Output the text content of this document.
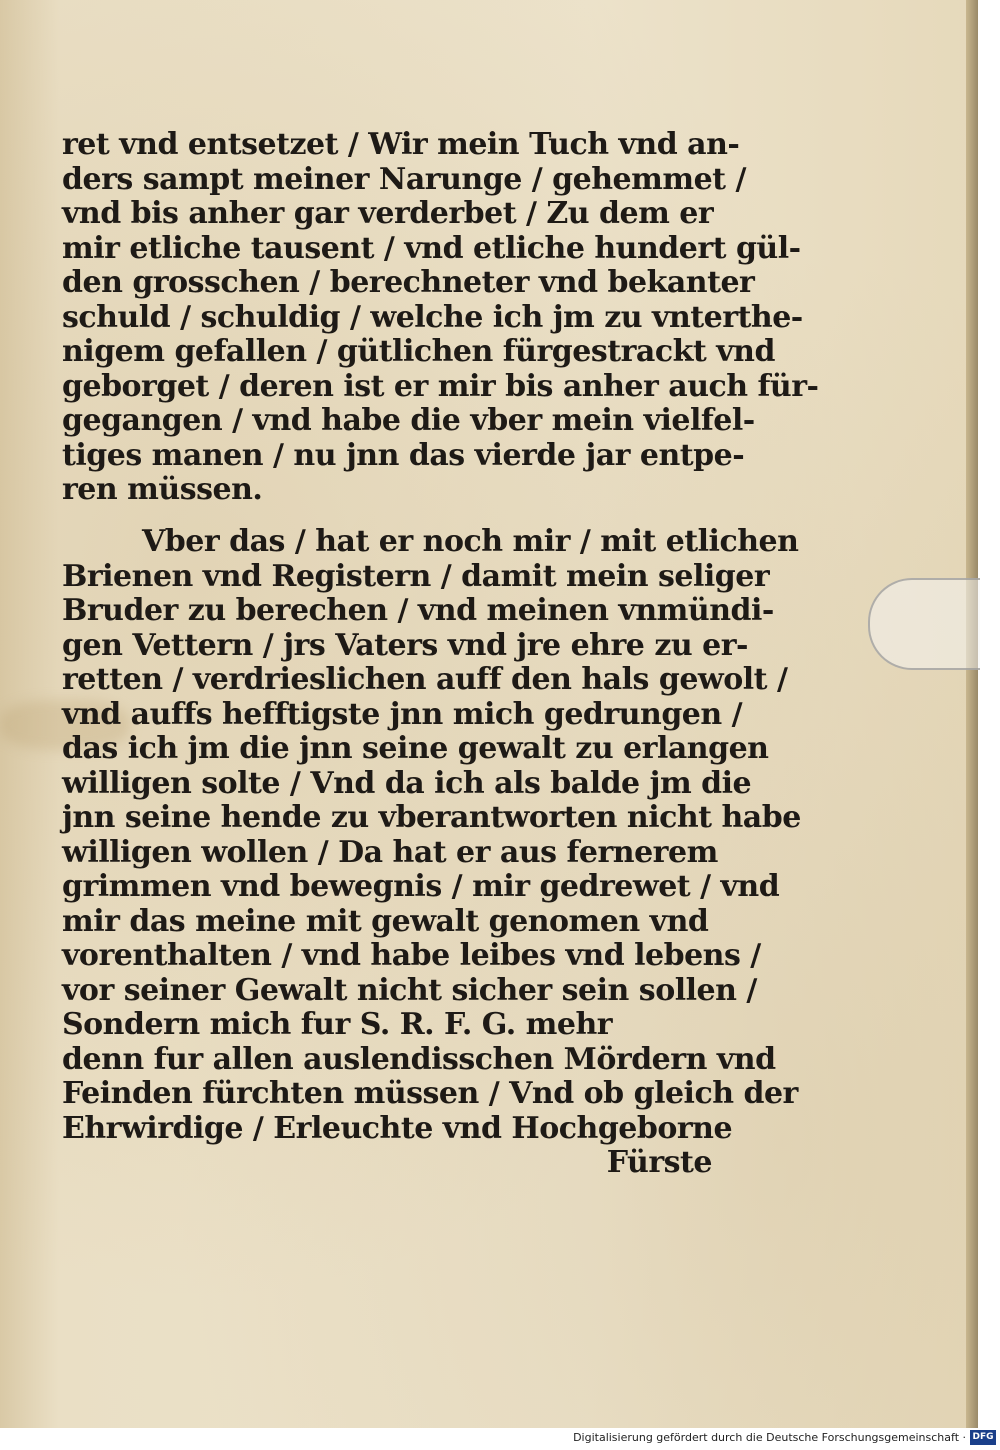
ret vnd entsetzet / Wir mein Tuch vnd an-
ders sampt meiner Narunge / gehemmet /
vnd bis anher gar verderbet / Zu dem er
mir etliche tausent / vnd etliche hundert gül-
den grosschen / berechneter vnd bekanter
schuld / schuldig / welche ich jm zu vnterthe-
nigem gefallen / gütlichen fürgestrackt vnd
geborget / deren ist er mir bis anher auch für-
gegangen / vnd habe die vber mein vielfel-
tiges manen / nu jnn das vierde jar entpe-
ren müssen.
Vber das / hat er noch mir / mit etlichen
Brienen vnd Registern / damit mein seliger
Bruder zu berechen / vnd meinen vnmündi-
gen Vettern / jrs Vaters vnd jre ehre zu er-
retten / verdrieslichen auff den hals gewolt /
vnd auffs hefftigste jnn mich gedrungen /
das ich jm die jnn seine gewalt zu erlangen
willigen solte / Vnd da ich als balde jm die
jnn seine hende zu vberantworten nicht habe
willigen wollen / Da hat er aus fernerem
grimmen vnd bewegnis / mir gedrewet / vnd
mir das meine mit gewalt genomen vnd
vorenthalten / vnd habe leibes vnd lebens /
vor seiner Gewalt nicht sicher sein sollen /
Sondern mich fur S. R. F. G. mehr
denn fur allen auslendisschen Mördern vnd
Feinden fürchten müssen / Vnd ob gleich der
Ehrwirdige / Erleuchte vnd Hochgeborne
Fürste
Digitalisierung gefördert durch die Deutsche Forschungsgemeinschaft · DFG
